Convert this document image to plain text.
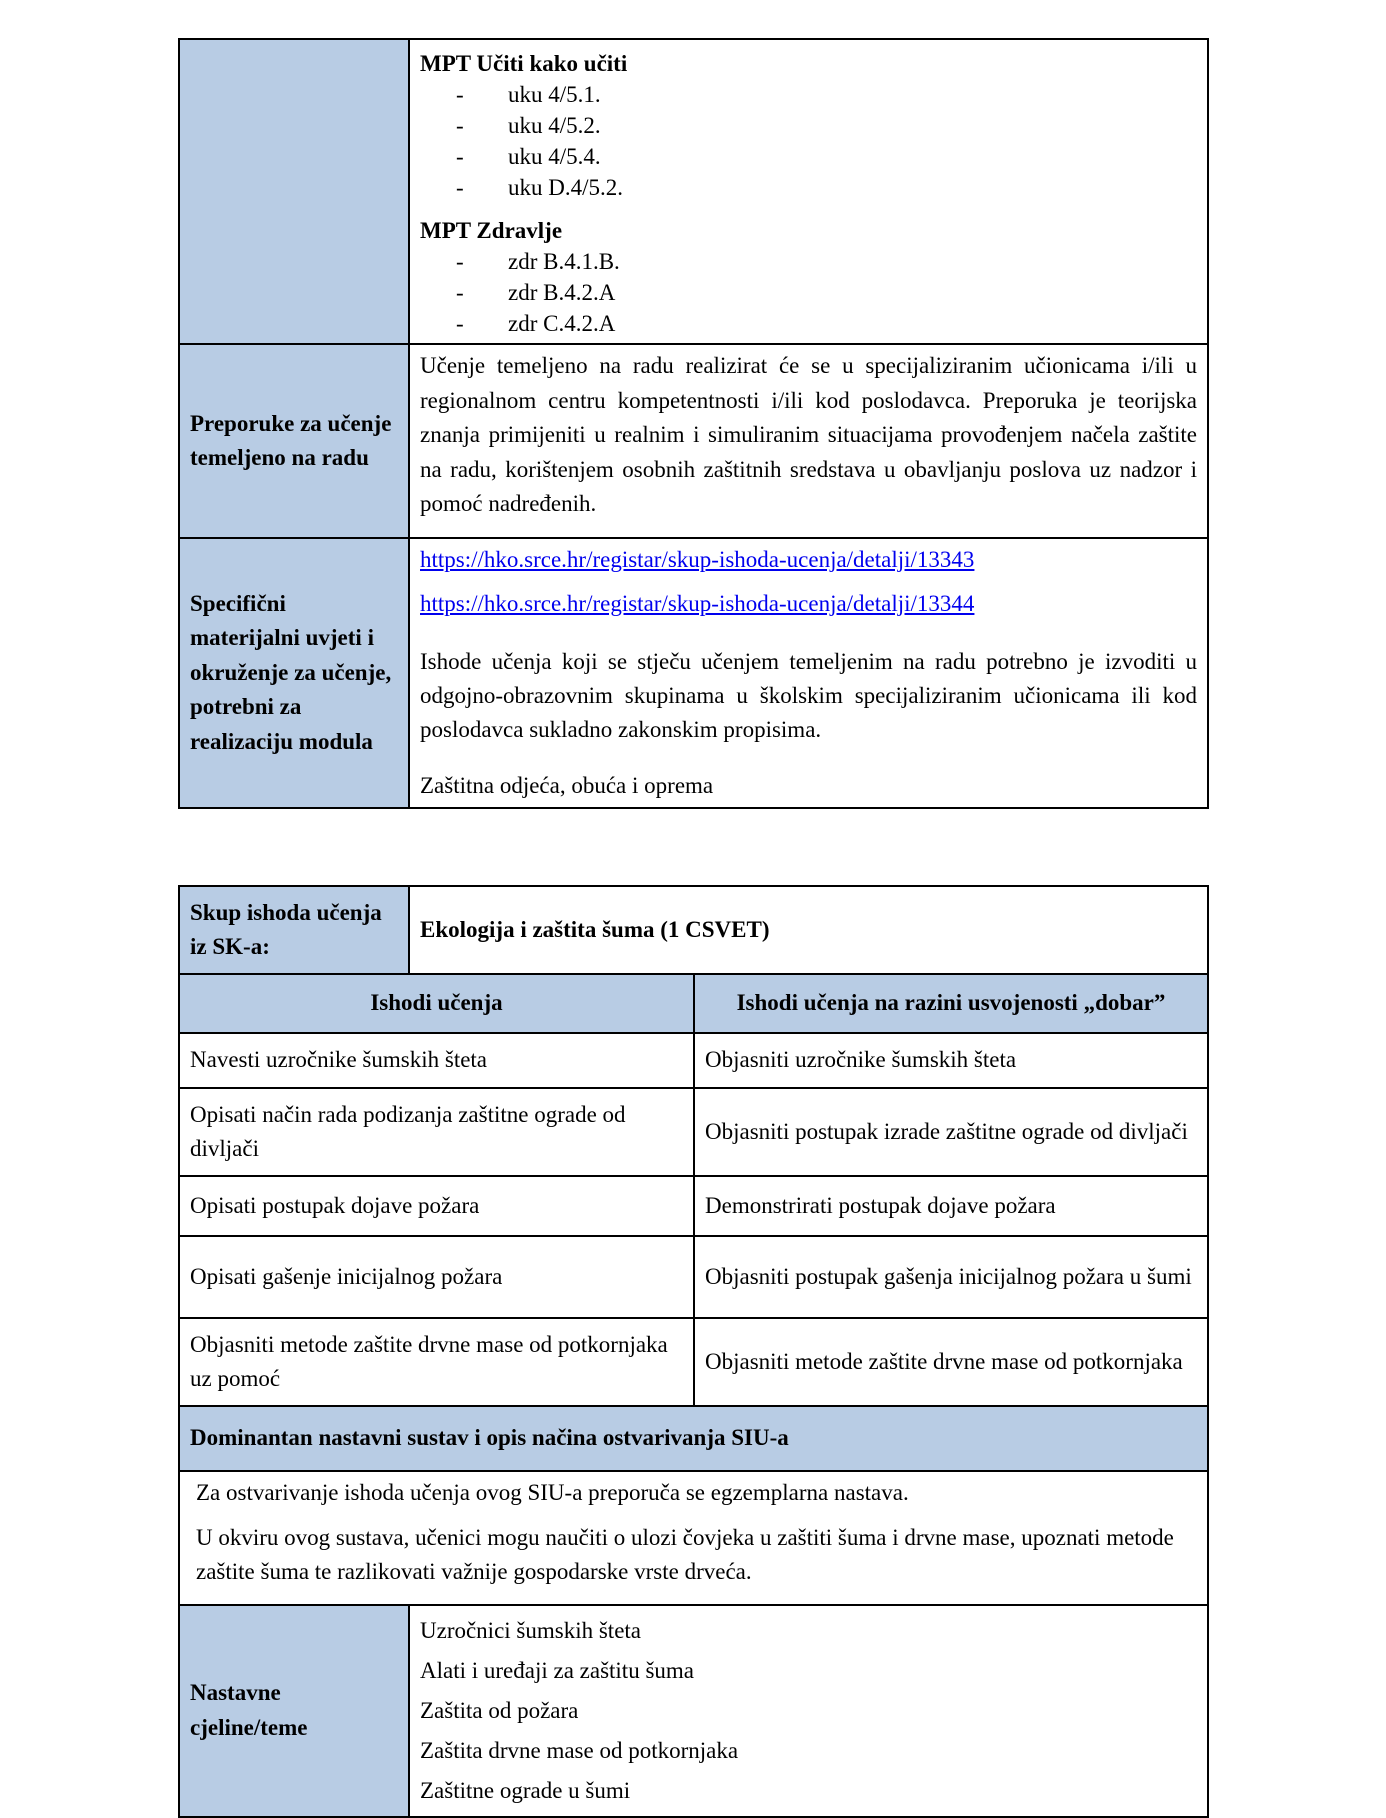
MPT Učiti kako učiti
-	uku 4/5.1.
-	uku 4/5.2.
-	uku 4/5.4.
-	uku D.4/5.2.
MPT Zdravlje
-	zdr B.4.1.B.
-	zdr B.4.2.A
-	zdr C.4.2.A

Preporuke za učenje temeljeno na radu	Učenje temeljeno na radu realizirat će se u specijaliziranim učionicama i/ili u regionalnom centru kompetentnosti i/ili kod poslodavca. Preporuka je teorijska znanja primijeniti u realnim i simuliranim situacijama provođenjem načela zaštite na radu, korištenjem osobnih zaštitnih sredstava u obavljanju poslova uz nadzor i pomoć nadređenih.

Specifični materijalni uvjeti i okruženje za učenje, potrebni za realizaciju modula	https://hko.srce.hr/registar/skup-ishoda-ucenja/detalji/13343

https://hko.srce.hr/registar/skup-ishoda-ucenja/detalji/13344

Ishode učenja koji se stječu učenjem temeljenim na radu potrebno je izvoditi u odgojno-obrazovnim skupinama u školskim specijaliziranim učionicama ili kod poslodavca sukladno zakonskim propisima.

Zaštitna odjeća, obuća i oprema

Skup ishoda učenja iz SK-a:	Ekologija i zaštita šuma (1 CSVET)	
Ishodi učenja		Ishodi učenja na razini usvojenosti „dobar”
Navesti uzročnike šumskih šteta		Objasniti uzročnike šumskih šteta
Opisati način rada podizanja zaštitne ograde od divljači		Objasniti postupak izrade zaštitne ograde od divljači
Opisati postupak dojave požara		Demonstrirati postupak dojave požara
Opisati gašenje inicijalnog požara		Objasniti postupak gašenja inicijalnog požara u šumi
Objasniti metode zaštite drvne mase od potkornjaka uz pomoć		Objasniti metode zaštite drvne mase od potkornjaka
Dominantan nastavni sustav i opis načina ostvarivanja SIU-a		

Za ostvarivanje ishoda učenja ovog SIU-a preporuča se egzemplarna nastava.

U okviru ovog sustava, učenici mogu naučiti o ulozi čovjeka u zaštiti šuma i drvne mase, upoznati metode zaštite šuma te razlikovati važnije gospodarske vrste drveća.		

Nastavne cjeline/teme	Uzročnici šumskih šteta
Alati i uređaji za zaštitu šuma
Zaštita od požara
Zaštita drvne mase od potkornjaka
Zaštitne ograde u šumi	
